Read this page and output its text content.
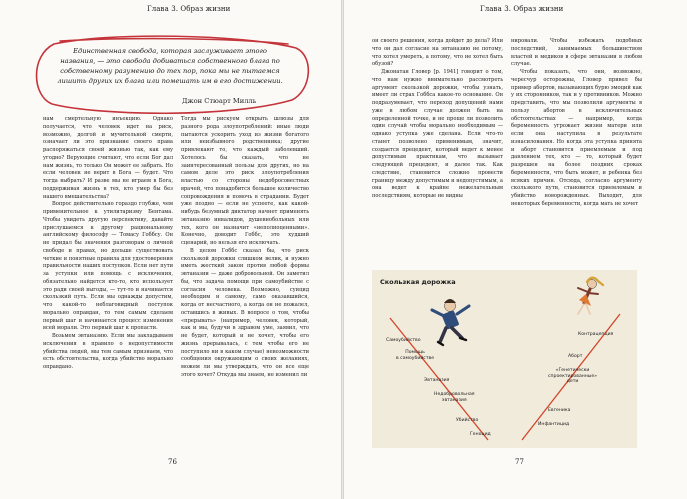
Глава 3. Образ жизни
Единственная свобода, которая заслуживает этого
названия, — это свобода добиваться собственного блага по
собственному разумению до тех пор, пока мы не пытаемся
лишить других их блага или помешать им в его достижении.
Джон Стюарт Милль

нам смертельную инъекцию. Однако получается, что человек идет на риск, возможно, долгой и мучительной смерти, означает ли это признание своего права распоряжаться своей жизнью так, как ему угодно? Верующие считают, что если Бог дал нам жизнь, то только Он может ее забрать. Но если человек не верит в Бога — будет. Что тогда выбрать? И разве мы не играем в Бога, поддерживая жизнь в тех, кто умер бы без нашего вмешательства?

Вопрос действительно гораздо глубже, чем применительное к утилитаризму Бентама. Чтобы увидеть другую перспективу, давайте прислушаемся к другому рациональному английскому философу — Томасу Гоббсу. Он не придал бы значения разговорам о личной свободе и правах, но дольше существовать четкие и понятные правила для удостоверения правильности наших поступков. Если нет пути за уступки или помощь с исключения, обязательно найдется кто-то, кто использует это ради своей выгоды, — тут-то и начинается скользкий путь. Если мы однажды допустим, что какой-то неблаговидный поступок морально оправдан, то тем самым сделаем первый шаг и начинается процесс изменения всей морали. Это первый шаг к пропасти.

Возьмем эвтаназию. Если мы закладываем исключения в правило о недопустимости убийства людей, мы тем самым признаем, что есть обстоятельства, когда убийство морально оправдано.

Тогда мы рискуем открыть шлюзы для разного рода злоупотреблений: иные люди пытаются ускорить уход из жизни богатого или неизбывного родственника; другие привлекают то, что каждый заболевший. Хотелось бы сказать, что не заинтересованный пользы для других, но на самом деле это риск злоупотребления властью со стороны недобросовестных врачей, что понадобится большое количество сопровождения и помочь в страдании. Будет уже поздно — если не успеете, как какой-нибудь безумный диктатор начнет применять эвтаназию инвалидов, душевнобольных или тех, кого он назначит «неполноценными». Конечно, доводит Гоббс, это худший сценарий, но нельзя его исключать.

В целом Гоббс сказал бы, что риск скользкой дорожки слишком велик, и нужно иметь жесткий закон против любой формы эвтаназии — даже добровольной. Он заметил бы, что задача помощи при самоубийстве с согласия человека. Возможно, суицид необходим и самому, само оказавшийся, когда от несчастного, а когда он не пожалел, оставшись в живых. В вопросе о том, чтобы «прерывать» (например, человек, который, как и мы, будучи в здравом уме, заявил, что не будет, который и не хочет, чтобы его жизнь прерывалась, с тем чтобы его не поступило ни в каком случае) невозможности сообщения окружающим о своих желаниях, можем ли мы утверждать, что он все еще этого хочет? Откуда мы знаем, не изменил ли

76
Глава 3. Образ жизни

он своего решения, когда дойдет до дела? Или что он дал согласие на эвтаназию не потому, что хотел умереть, а потому, что не хотел быть обузой?

Джонатан Гловер [р. 1941] говорит о том, что нам нужно внимательно рассмотреть аргумент скользкой дорожки, чтобы узнать, имеет ли страх Гоббса какое-то основание. Он подразумевает, что переход допущений нами уже в любом случае должен быть на определенной точке, и не проще ли позволить один случай чтобы морально необходимым — однако уступка уже сделана. Если что-то станет позволено применимым, значит, создается прецедент, который ведет к менее допустимым практикам, что вызывает следующей прецедент, и далее так. Как следствие, становится сложно провести границу между допустимым и недопустимым, а она ведет к крайне нежелательным последствиям, которые не видны

нировали. Чтобы избежать подобных последствий, занимаемых большинством властей и медиков в сфере эвтаназии в любом случае.

Чтобы показать, что они, возможно, чересчур осторожны, Гловер привел бы пример абортов, вызывающих бурю эмоций как у их сторонников, так и у противников. Можно представить, что мы позволили аргументы в пользу абортов в исключительных обстоятельствах — например, когда беременность угрожает жизни матери или если она наступила в результате изнасилования. Но когда эта уступка принята и аборт становится приемлемым и под давлением тех, кто — то, который будет разрешен на более поздних сроках беременности, что быть может, и ребенка без всяких причин. Отсюда, согласно аргументу скользкого пути, становится приемлемым и убийство новорожденных. Выходит, для некоторых беременности, когда мать не хочет

Скользкая дорожка
Самоубийство
Помощь
в самоубийстве
Эвтаназия
Недобровольная
эвтаназия
Убийство
Геноцид
Контрацепция
Аборт
«Генетически
спроектированные»
дети
Евгеника
Инфантицид
77
